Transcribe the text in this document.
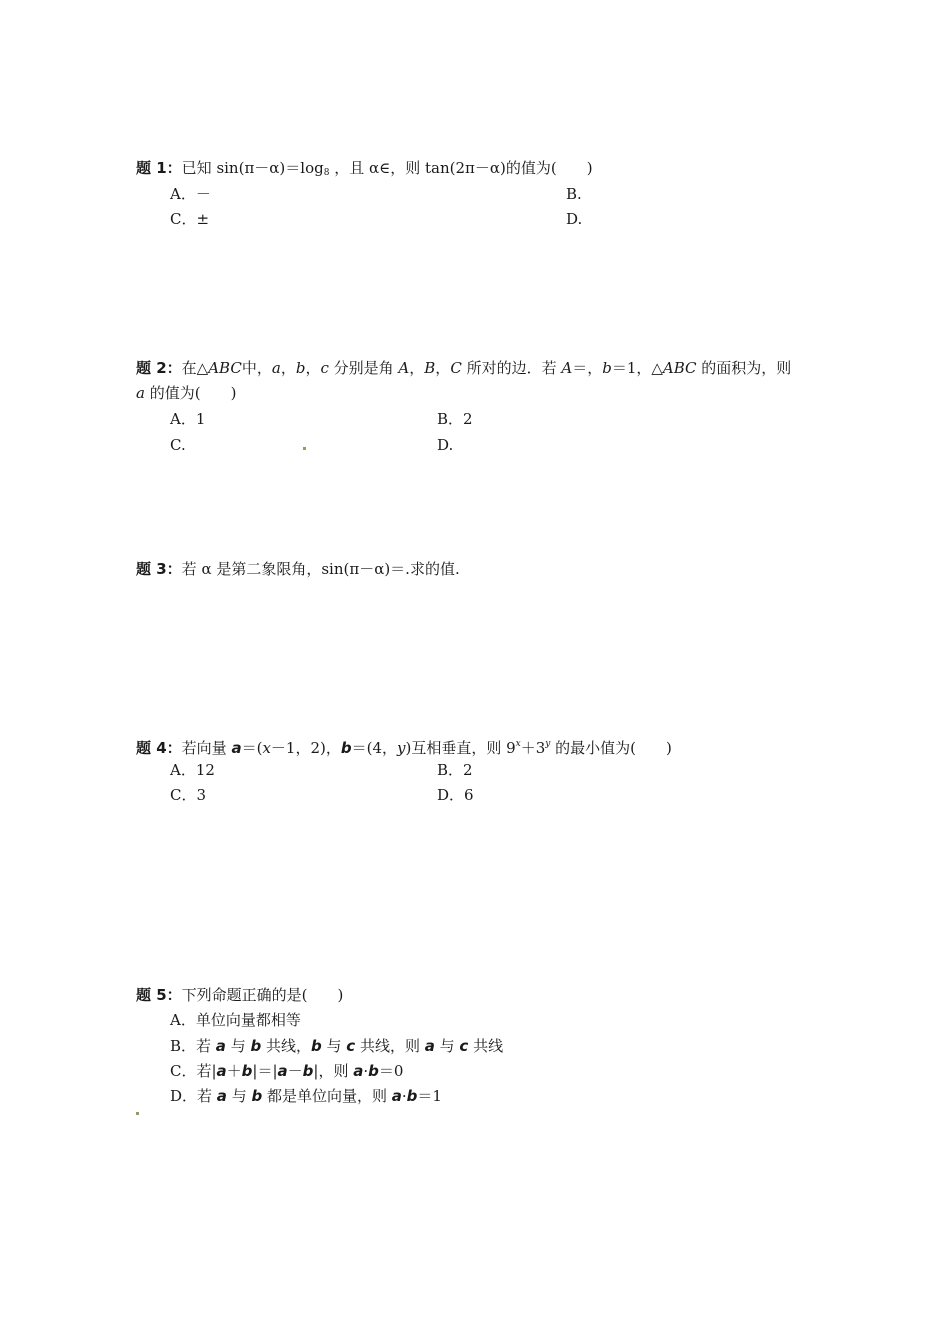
题 1：已知 $\sin(\pi-\alpha)=\log_8$ ，且 α∈，则 tan(2π－α)的值为(　　)
A．－	B.
C．±	D.
题 2：在△ABC中，a，b，c 分别是角 A，B，C 所对的边．若 A＝，b＝1，△ABC 的面积为，则
a 的值为(　　)
A．1	B．2
C.	D.
题 3：若 α 是第二象限角，sin(π－α)＝.求的值.
题 4：若向量 a＝(x－1，2)，b＝(4，y)互相垂直，则 $9^x+3^y$ 的最小值为(　　)
A．12	B．2
C．3	D．6
题 5：下列命题正确的是(　　)
A．单位向量都相等
B．若 a 与 b 共线，b 与 c 共线，则 a 与 c 共线
C．若|a＋b|＝|a－b|，则 a·b＝0
D．若 a 与 b 都是单位向量，则 a·b＝1
